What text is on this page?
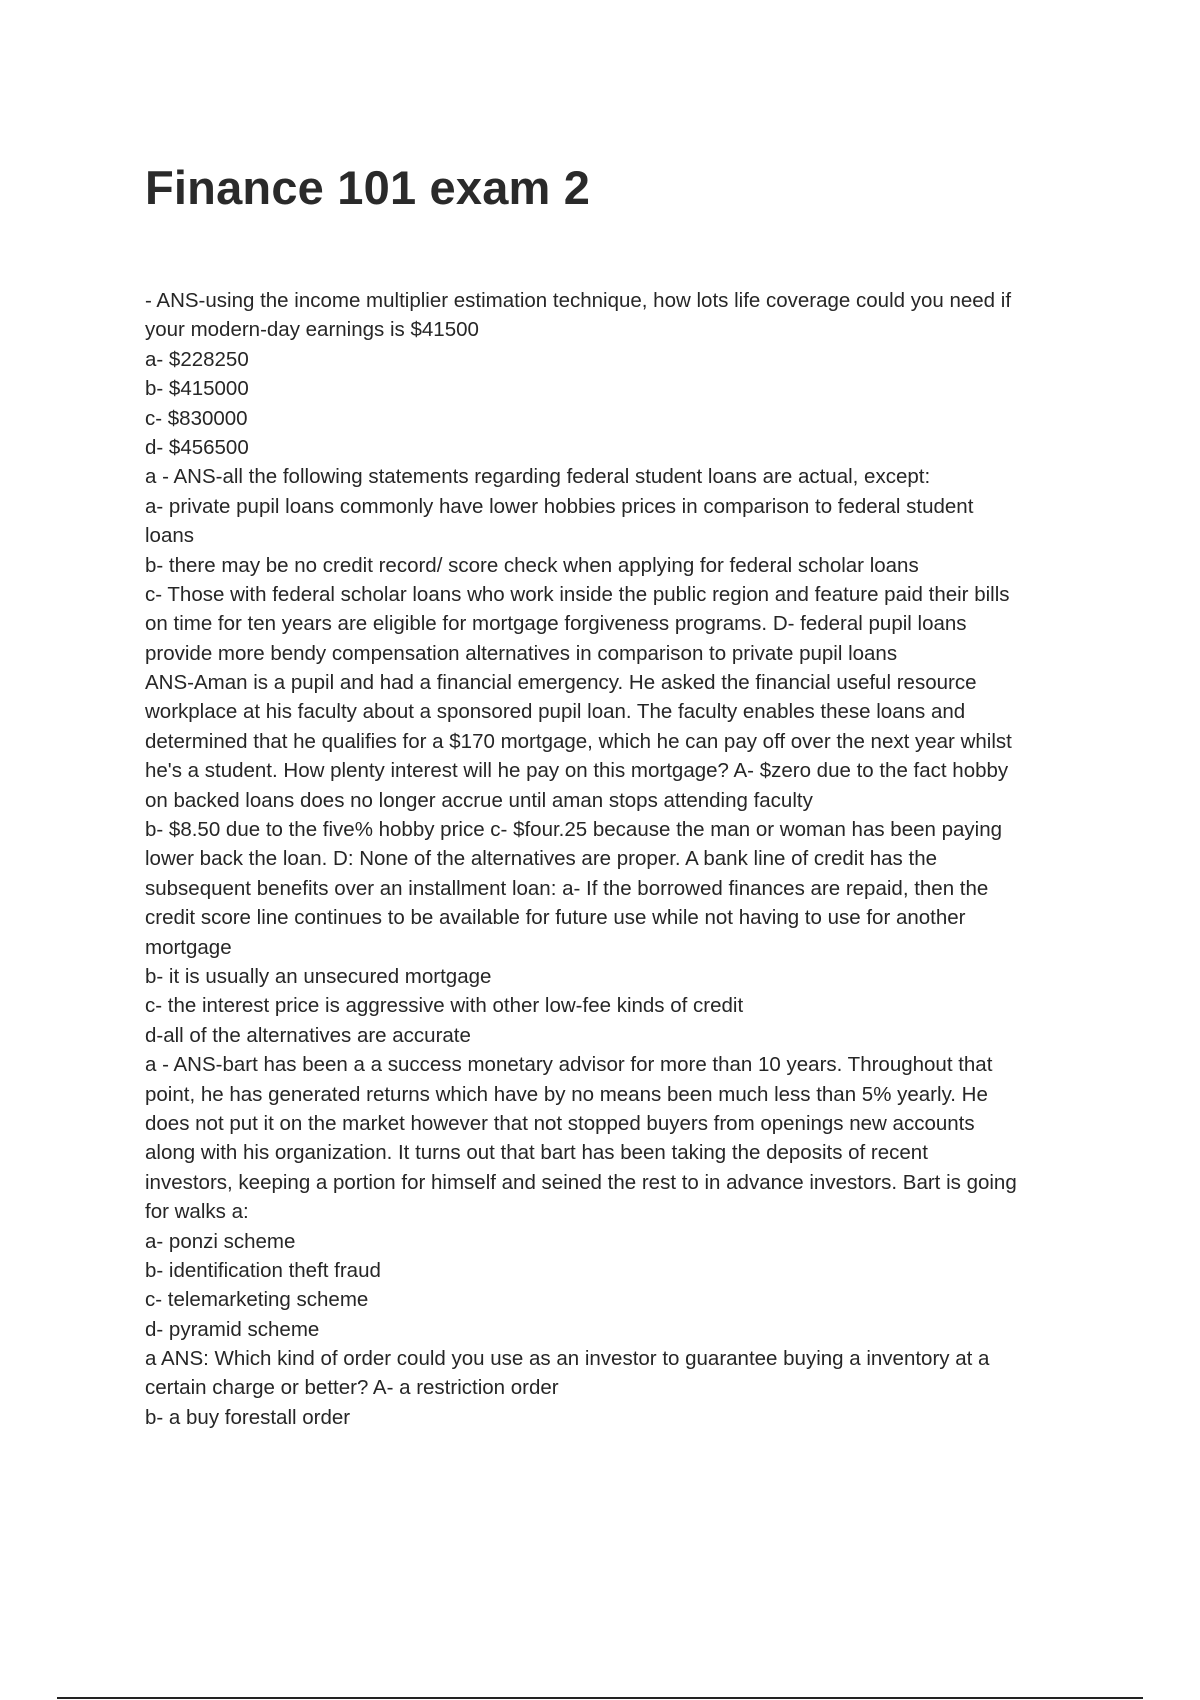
Finance 101 exam 2
- ANS-using the income multiplier estimation technique, how lots life coverage could you need if
your modern-day earnings is $41500
a- $228250
b- $415000
c- $830000
d- $456500
a - ANS-all the following statements regarding federal student loans are actual, except:
a- private pupil loans commonly have lower hobbies prices in comparison to federal student
loans
b- there may be no credit record/ score check when applying for federal scholar loans
c- Those with federal scholar loans who work inside the public region and feature paid their bills
on time for ten years are eligible for mortgage forgiveness programs. D- federal pupil loans
provide more bendy compensation alternatives in comparison to private pupil loans
ANS-Aman is a pupil and had a financial emergency. He asked the financial useful resource
workplace at his faculty about a sponsored pupil loan. The faculty enables these loans and
determined that he qualifies for a $170 mortgage, which he can pay off over the next year whilst
he's a student. How plenty interest will he pay on this mortgage? A- $zero due to the fact hobby
on backed loans does no longer accrue until aman stops attending faculty
b- $8.50 due to the five% hobby price c- $four.25 because the man or woman has been paying
lower back the loan. D: None of the alternatives are proper. A bank line of credit has the
subsequent benefits over an installment loan: a- If the borrowed finances are repaid, then the
credit score line continues to be available for future use while not having to use for another
mortgage
b- it is usually an unsecured mortgage
c- the interest price is aggressive with other low-fee kinds of credit
d-all of the alternatives are accurate
a - ANS-bart has been a a success monetary advisor for more than 10 years. Throughout that
point, he has generated returns which have by no means been much less than 5% yearly. He
does not put it on the market however that not stopped buyers from openings new accounts
along with his organization. It turns out that bart has been taking the deposits of recent
investors, keeping a portion for himself and seined the rest to in advance investors. Bart is going
for walks a:
a- ponzi scheme
b- identification theft fraud
c- telemarketing scheme
d- pyramid scheme
a ANS: Which kind of order could you use as an investor to guarantee buying a inventory at a
certain charge or better? A- a restriction order
b- a buy forestall order
